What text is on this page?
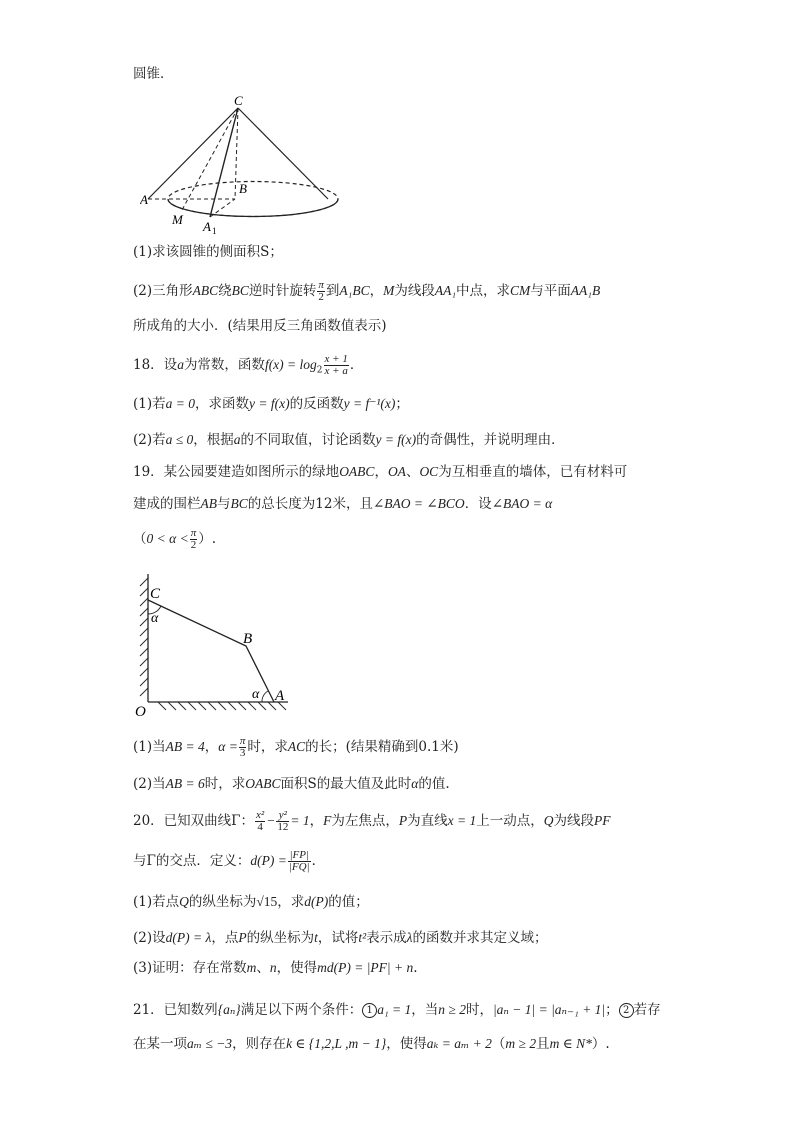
圆锥．
C
A
B
M A 1
(1)求该圆锥的侧面积S；
(2)三角形ABC绕BC逆时针旋转 $\frac{\pi}{2}$ 到A₁BC，M为线段AA₁中点，求CM与平面AA₁B
所成角的大小．(结果用反三角函数值表示)
18．设a为常数，函数$f(x) = \log_2 \frac{x + 1}{x + a}$ ．
(1)若a = 0，求函数y = f(x)的反函数y = f⁻¹(x)；
(2)若a ≤ 0，根据a的不同取值，讨论函数y = f(x)的奇偶性，并说明理由．
19．某公园要建造如图所示的绿地OABC，OA、OC为互相垂直的墙体，已有材料可
建成的围栏AB与BC的总长度为12米，且∠BAO = ∠BCO．设∠BAO = α
（$0 < \alpha < \frac{\pi}{2}$ ）.
C
α
B
α A
O
(1)当AB = 4，$\alpha = \frac{\pi}{3}$ 时，求AC的长；(结果精确到0.1米)
(2)当AB = 6时，求OABC面积S的最大值及此时α的值.
20．已知双曲线Γ： $\frac{\text{x²}}{4} - \frac{\text{y²}}{12} = 1$，F为左焦点，P为直线x = 1上一动点，Q为线段PF
与Γ的交点．定义：$d(P) = \frac{|FP|}{|FQ|}$ ．
(1)若点Q的纵坐标为√15，求d(P)的值；
(2)设d(P) = λ，点P的纵坐标为t，试将t²表示成λ的函数并求其定义域；
(3)证明：存在常数m、n，使得md(P) = |PF| + n.
21．已知数列{aₙ}满足以下两个条件： 1 a₁ = 1，当n ≥ 2时，|aₙ − 1| = |aₙ₋₁ + 1|； 2 若存
在某一项aₘ ≤ −3，则存在k ∈ {1,2,L ,m − 1}，使得aₖ = aₘ + 2（m ≥ 2且m ∈ N*）.
